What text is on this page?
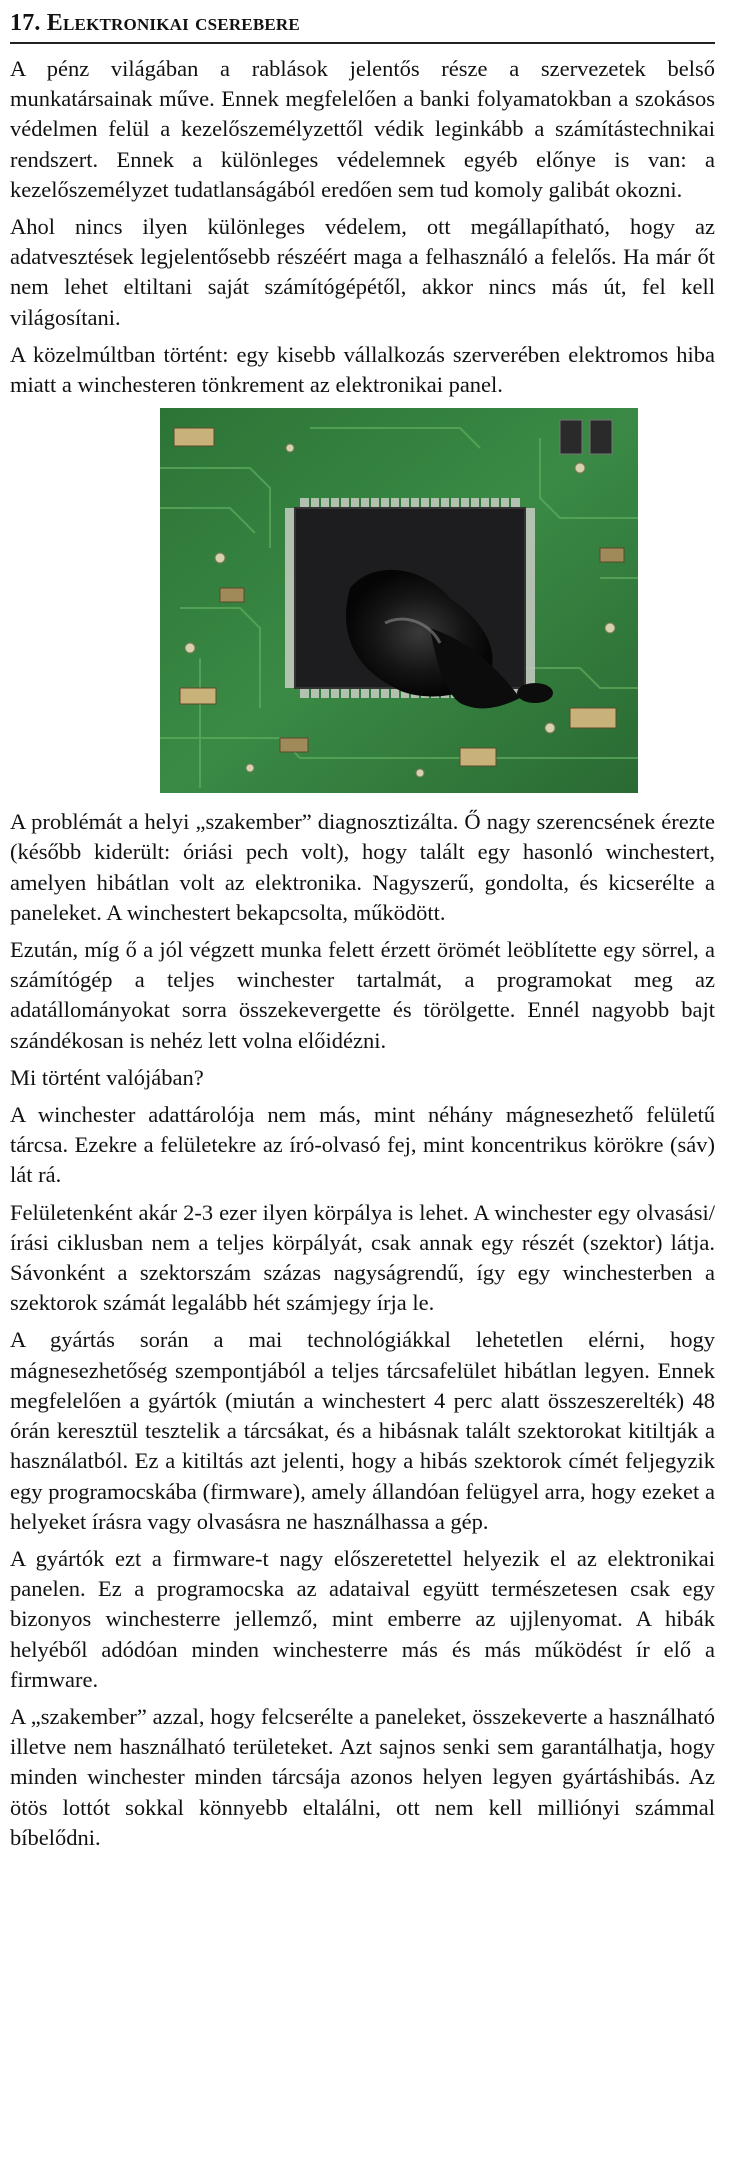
17. Elektronikai cserebere

A pénz világában a rablások jelentős része a szervezetek belső munkatársainak műve. Ennek megfelelően a banki folyamatokban a szokásos védelmen felül a kezelőszemélyzettől védik leginkább a számítástechnikai rendszert. Ennek a különleges védelemnek egyéb előnye is van: a kezelőszemélyzet tudatlanságából eredően sem tud komoly galibát okozni.

Ahol nincs ilyen különleges védelem, ott megállapítható, hogy az adatvesztések legjelentősebb részéért maga a felhasználó a felelős. Ha már őt nem lehet eltiltani saját számítógépétől, akkor nincs más út, fel kell világosítani.

A közelmúltban történt: egy kisebb vállalkozás szerverében elektromos hiba miatt a winchesteren tönkrement az elektronikai panel.

A problémát a helyi „szakember” diagnosztizálta. Ő nagy szerencsének érezte (később kiderült: óriási pech volt), hogy talált egy hasonló winchestert, amelyen hibátlan volt az elektronika. Nagyszerű, gondolta, és kicserélte a paneleket. A winchestert bekapcsolta, működött.

Ezután, míg ő a jól végzett munka felett érzett örömét leöblítette egy sörrel, a számítógép a teljes winchester tartalmát, a programokat meg az adatállományokat sorra összekevergette és törölgette. Ennél nagyobb bajt szándékosan is nehéz lett volna előidézni.

Mi történt valójában?

A winchester adattárolója nem más, mint néhány mágnesezhető felületű tárcsa. Ezekre a felületekre az író-olvasó fej, mint koncentrikus körökre (sáv) lát rá.

Felületenként akár 2-3 ezer ilyen körpálya is lehet. A winchester egy olvasási/írási ciklusban nem a teljes körpályát, csak annak egy részét (szektor) látja. Sávonként a szektorszám százas nagyságrendű, így egy winchesterben a szektorok számát legalább hét számjegy írja le.

A gyártás során a mai technológiákkal lehetetlen elérni, hogy mágnesezhetőség szempontjából a teljes tárcsafelület hibátlan legyen. Ennek megfelelően a gyártók (miután a winchestert 4 perc alatt összeszerelték) 48 órán keresztül tesztelik a tárcsákat, és a hibásnak talált szektorokat kitiltják a használatból. Ez a kitiltás azt jelenti, hogy a hibás szektorok címét feljegyzik egy programocskába (firmware), amely állandóan felügyel arra, hogy ezeket a helyeket írásra vagy olvasásra ne használhassa a gép.

A gyártók ezt a firmware-t nagy előszeretettel helyezik el az elektronikai panelen. Ez a programocska az adataival együtt természetesen csak egy bizonyos winchesterre jellemző, mint emberre az ujjlenyomat. A hibák helyéből adódóan minden winchesterre más és más működést ír elő a firmware.

A „szakember” azzal, hogy felcserélte a paneleket, összekeverte a használható illetve nem használható területeket. Azt sajnos senki sem garantálhatja, hogy minden winchester minden tárcsája azonos helyen legyen gyártáshibás. Az ötös lottót sokkal könnyebb eltalálni, ott nem kell milliónyi számmal bíbelődni.
